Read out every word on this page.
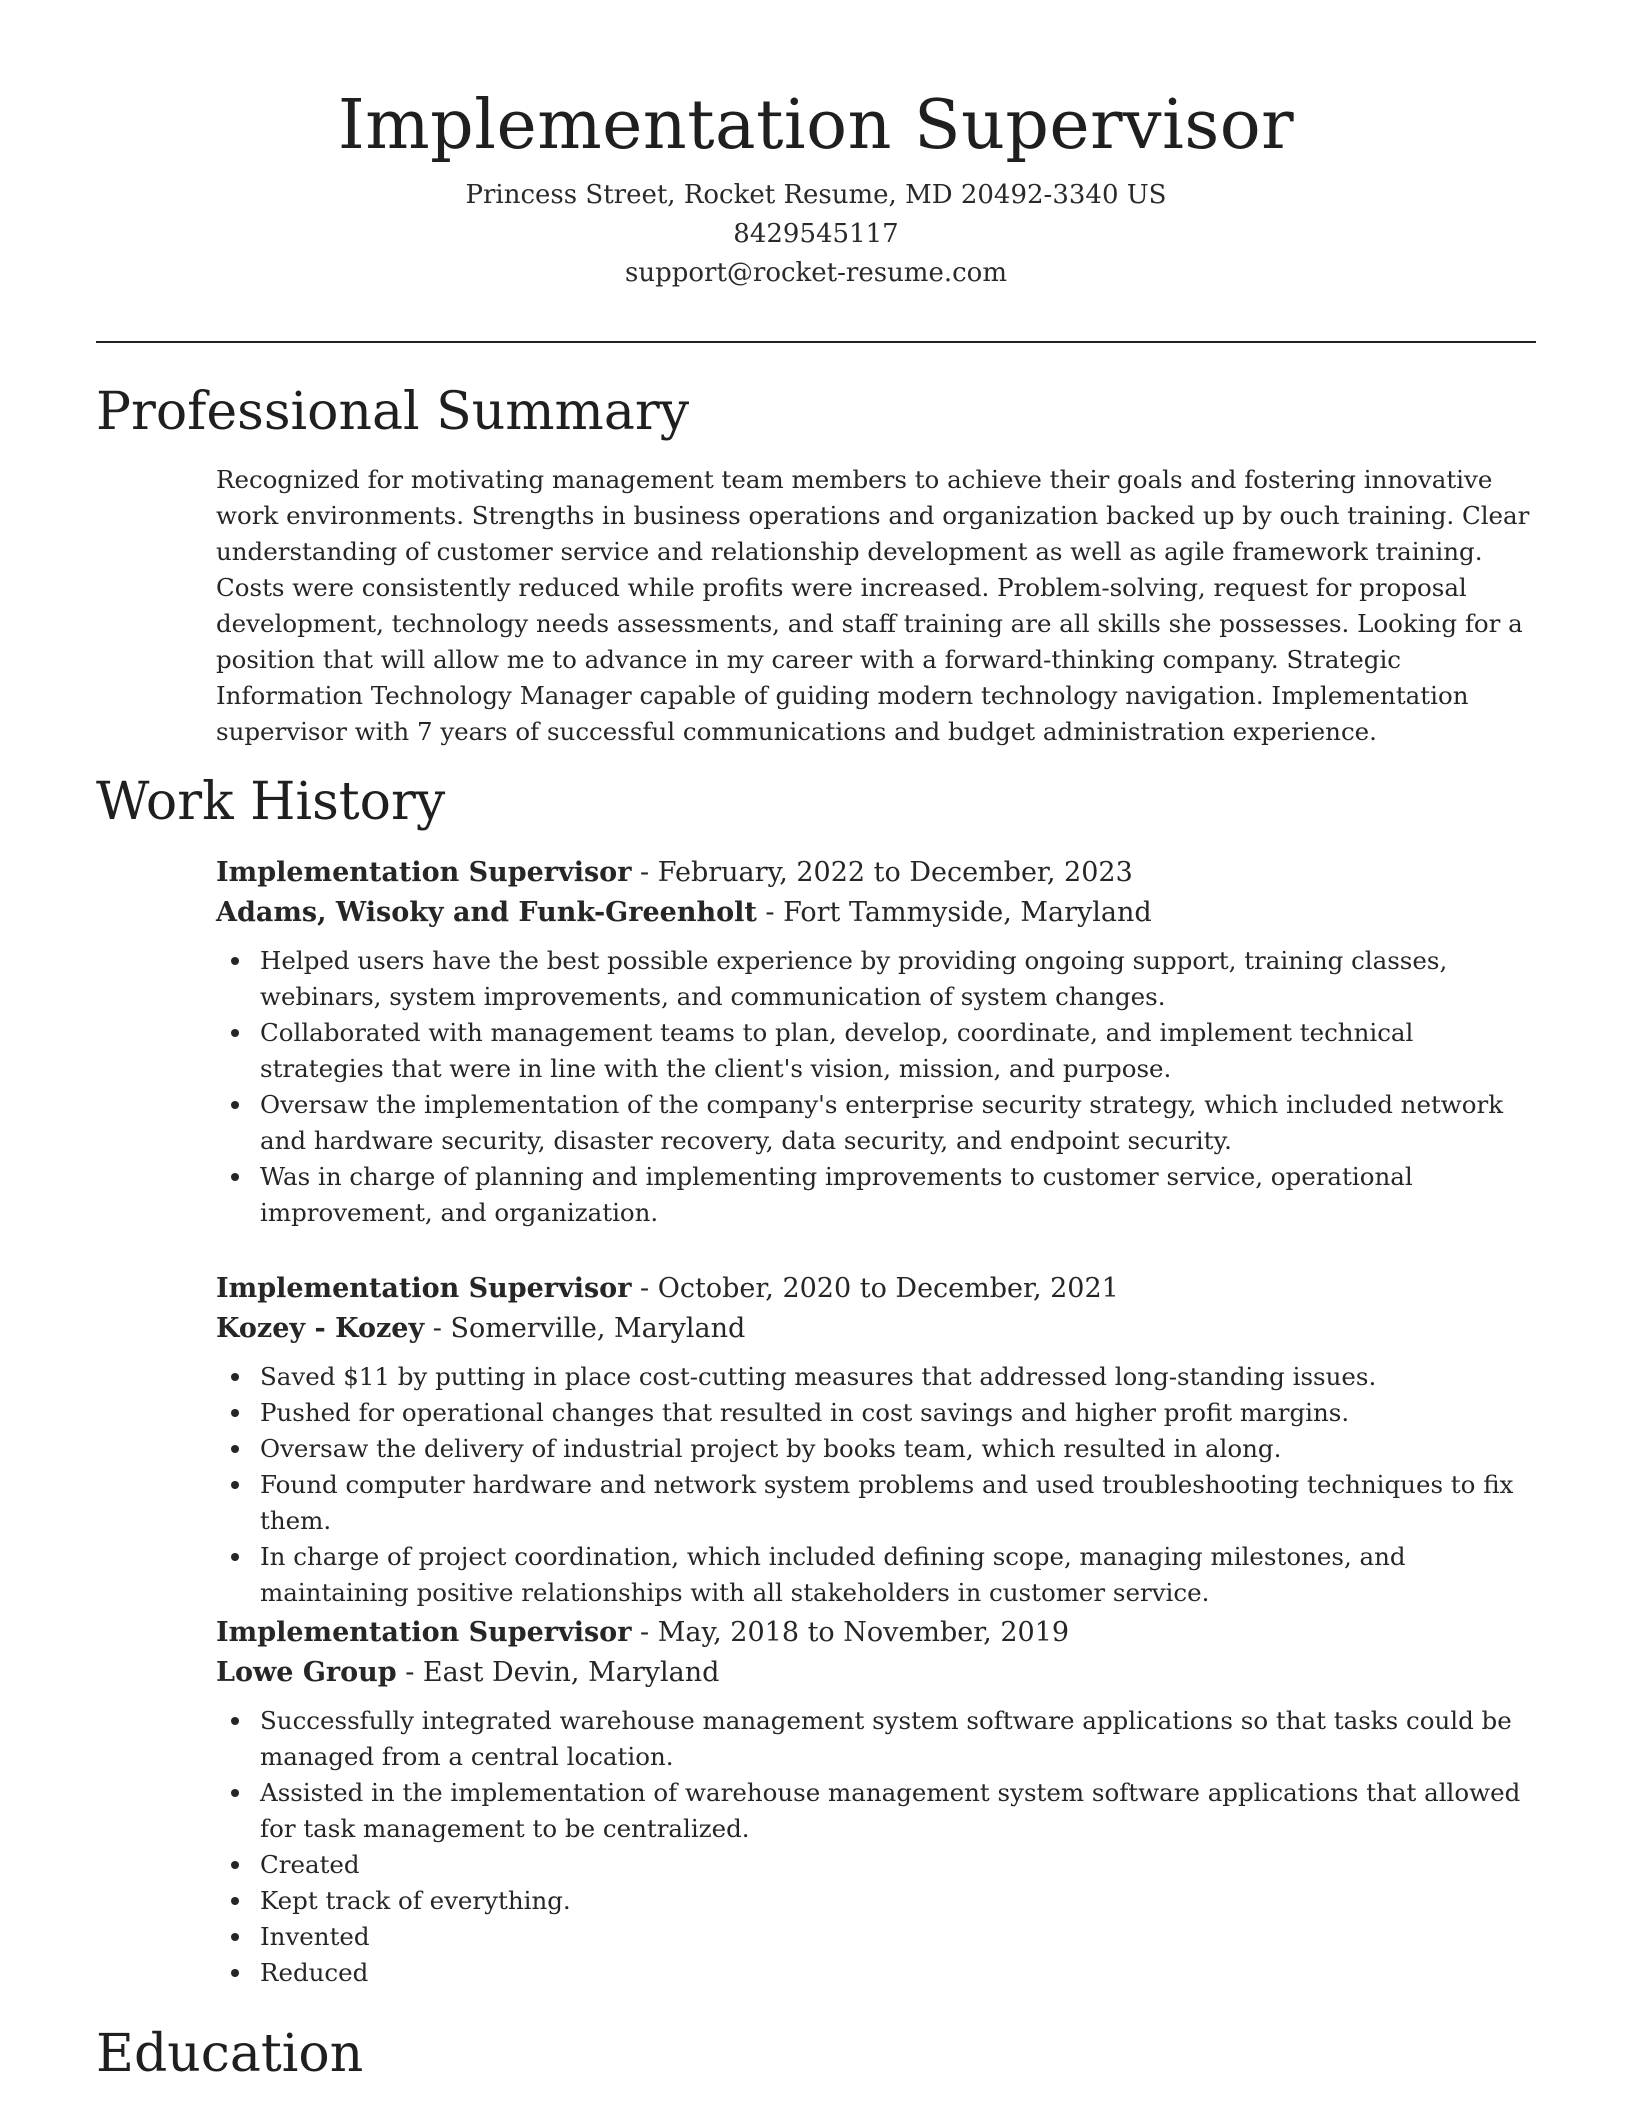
Implementation Supervisor
Princess Street, Rocket Resume, MD 20492-3340 US
8429545117
support@rocket-resume.com
Professional Summary

Recognized for motivating management team members to achieve their goals and fostering innovative work environments. Strengths in business operations and organization backed up by ouch training. Clear understanding of customer service and relationship development as well as agile framework training. Costs were consistently reduced while profits were increased. Problem-solving, request for proposal development, technology needs assessments, and staff training are all skills she possesses. Looking for a position that will allow me to advance in my career with a forward-thinking company. Strategic Information Technology Manager capable of guiding modern technology navigation. Implementation supervisor with 7 years of successful communications and budget administration experience.

Work History
Implementation Supervisor - February, 2022 to December, 2023
Adams, Wisoky and Funk-Greenholt - Fort Tammyside, Maryland
Helped users have the best possible experience by providing ongoing support, training classes, webinars, system improvements, and communication of system changes.
Collaborated with management teams to plan, develop, coordinate, and implement technical strategies that were in line with the client's vision, mission, and purpose.
Oversaw the implementation of the company's enterprise security strategy, which included network and hardware security, disaster recovery, data security, and endpoint security.
Was in charge of planning and implementing improvements to customer service, operational improvement, and organization.
Implementation Supervisor - October, 2020 to December, 2021
Kozey - Kozey - Somerville, Maryland
Saved $11 by putting in place cost-cutting measures that addressed long-standing issues.
Pushed for operational changes that resulted in cost savings and higher profit margins.
Oversaw the delivery of industrial project by books team, which resulted in along.
Found computer hardware and network system problems and used troubleshooting techniques to fix them.
In charge of project coordination, which included defining scope, managing milestones, and maintaining positive relationships with all stakeholders in customer service.
Implementation Supervisor - May, 2018 to November, 2019
Lowe Group - East Devin, Maryland
Successfully integrated warehouse management system software applications so that tasks could be managed from a central location.
Assisted in the implementation of warehouse management system software applications that allowed for task management to be centralized.
Created
Kept track of everything.
Invented
Reduced
Education
